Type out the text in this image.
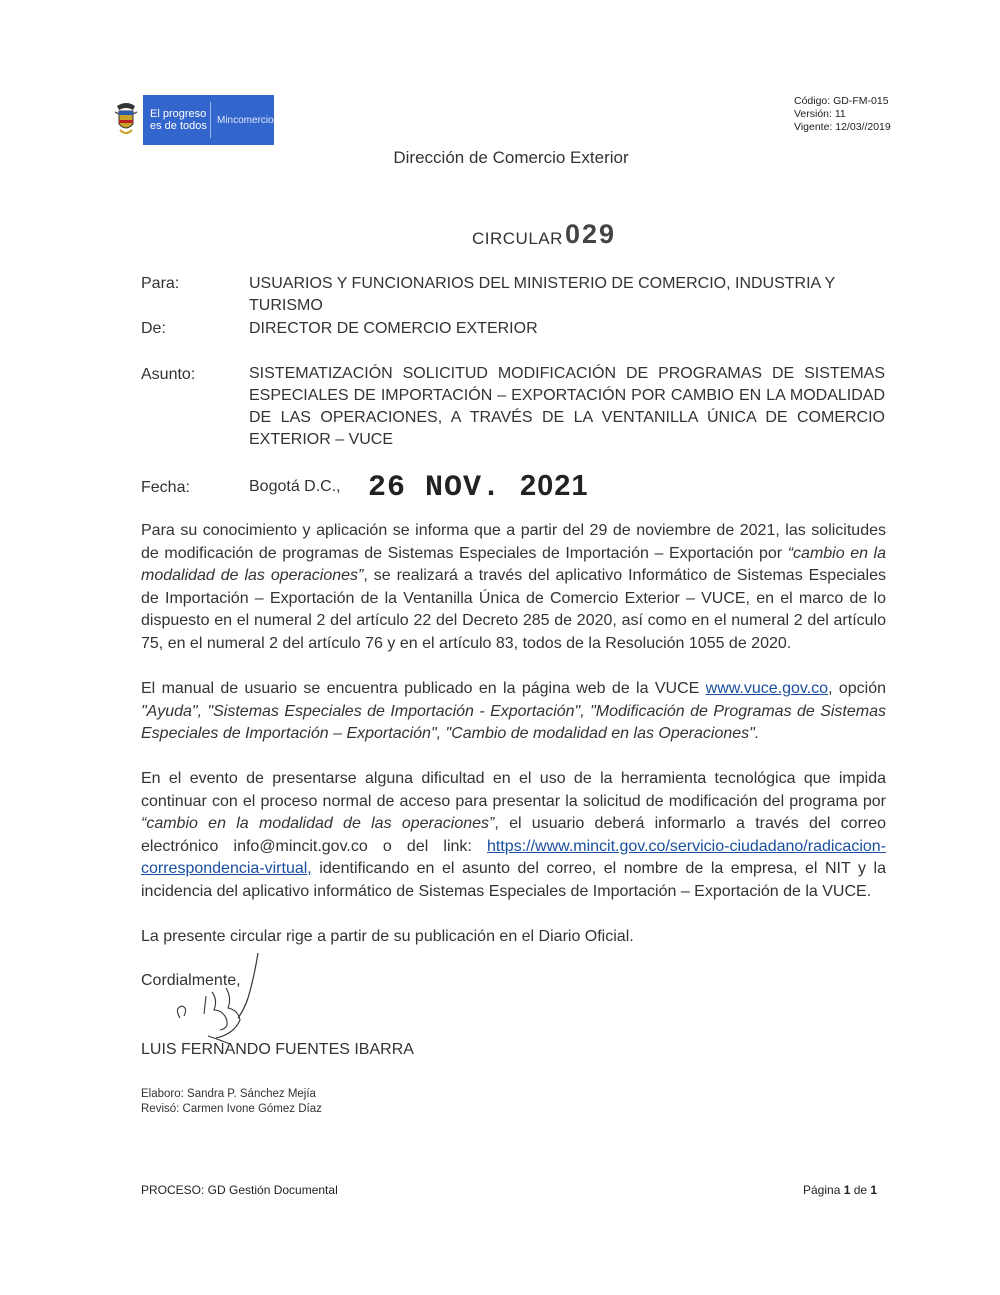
El progreso
es de todos	Mincomercio
Código: GD-FM-015
Versión: 11
Vigente: 12/03//2019
Dirección de Comercio Exterior
CIRCULAR 029
Para:	USUARIOS Y FUNCIONARIOS DEL MINISTERIO DE COMERCIO, INDUSTRIA Y TURISMO
De:	DIRECTOR DE COMERCIO EXTERIOR
Asunto:	SISTEMATIZACIÓN SOLICITUD MODIFICACIÓN DE PROGRAMAS DE SISTEMAS ESPECIALES DE IMPORTACIÓN – EXPORTACIÓN POR CAMBIO EN LA MODALIDAD DE LAS OPERACIONES, A TRAVÉS DE LA VENTANILLA ÚNICA DE COMERCIO EXTERIOR – VUCE
Fecha:	Bogotá D.C., 26 NOV. 2021
Para su conocimiento y aplicación se informa que a partir del 29 de noviembre de 2021, las solicitudes de modificación de programas de Sistemas Especiales de Importación – Exportación por “cambio en la modalidad de las operaciones”, se realizará a través del aplicativo Informático de Sistemas Especiales de Importación – Exportación de la Ventanilla Única de Comercio Exterior – VUCE, en el marco de lo dispuesto en el numeral 2 del artículo 22 del Decreto 285 de 2020, así como en el numeral 2 del artículo 75, en el numeral 2 del artículo 76 y en el artículo 83, todos de la Resolución 1055 de 2020.
El manual de usuario se encuentra publicado en la página web de la VUCE www.vuce.gov.co, opción "Ayuda", "Sistemas Especiales de Importación - Exportación", "Modificación de Programas de Sistemas Especiales de Importación – Exportación", "Cambio de modalidad en las Operaciones".
En el evento de presentarse alguna dificultad en el uso de la herramienta tecnológica que impida continuar con el proceso normal de acceso para presentar la solicitud de modificación del programa por “cambio en la modalidad de las operaciones”, el usuario deberá informarlo a través del correo electrónico info@mincit.gov.co o del link: https://www.mincit.gov.co/servicio-ciudadano/radicacion-correspondencia-virtual, identificando en el asunto del correo, el nombre de la empresa, el NIT y la incidencia del aplicativo informático de Sistemas Especiales de Importación – Exportación de la VUCE.
La presente circular rige a partir de su publicación en el Diario Oficial.
Cordialmente,
LUIS FERNANDO FUENTES IBARRA
Elaboro: Sandra P. Sánchez Mejía
Revisó: Carmen Ivone Gómez Díaz
PROCESO: GD Gestión Documental	Página 1 de 1
